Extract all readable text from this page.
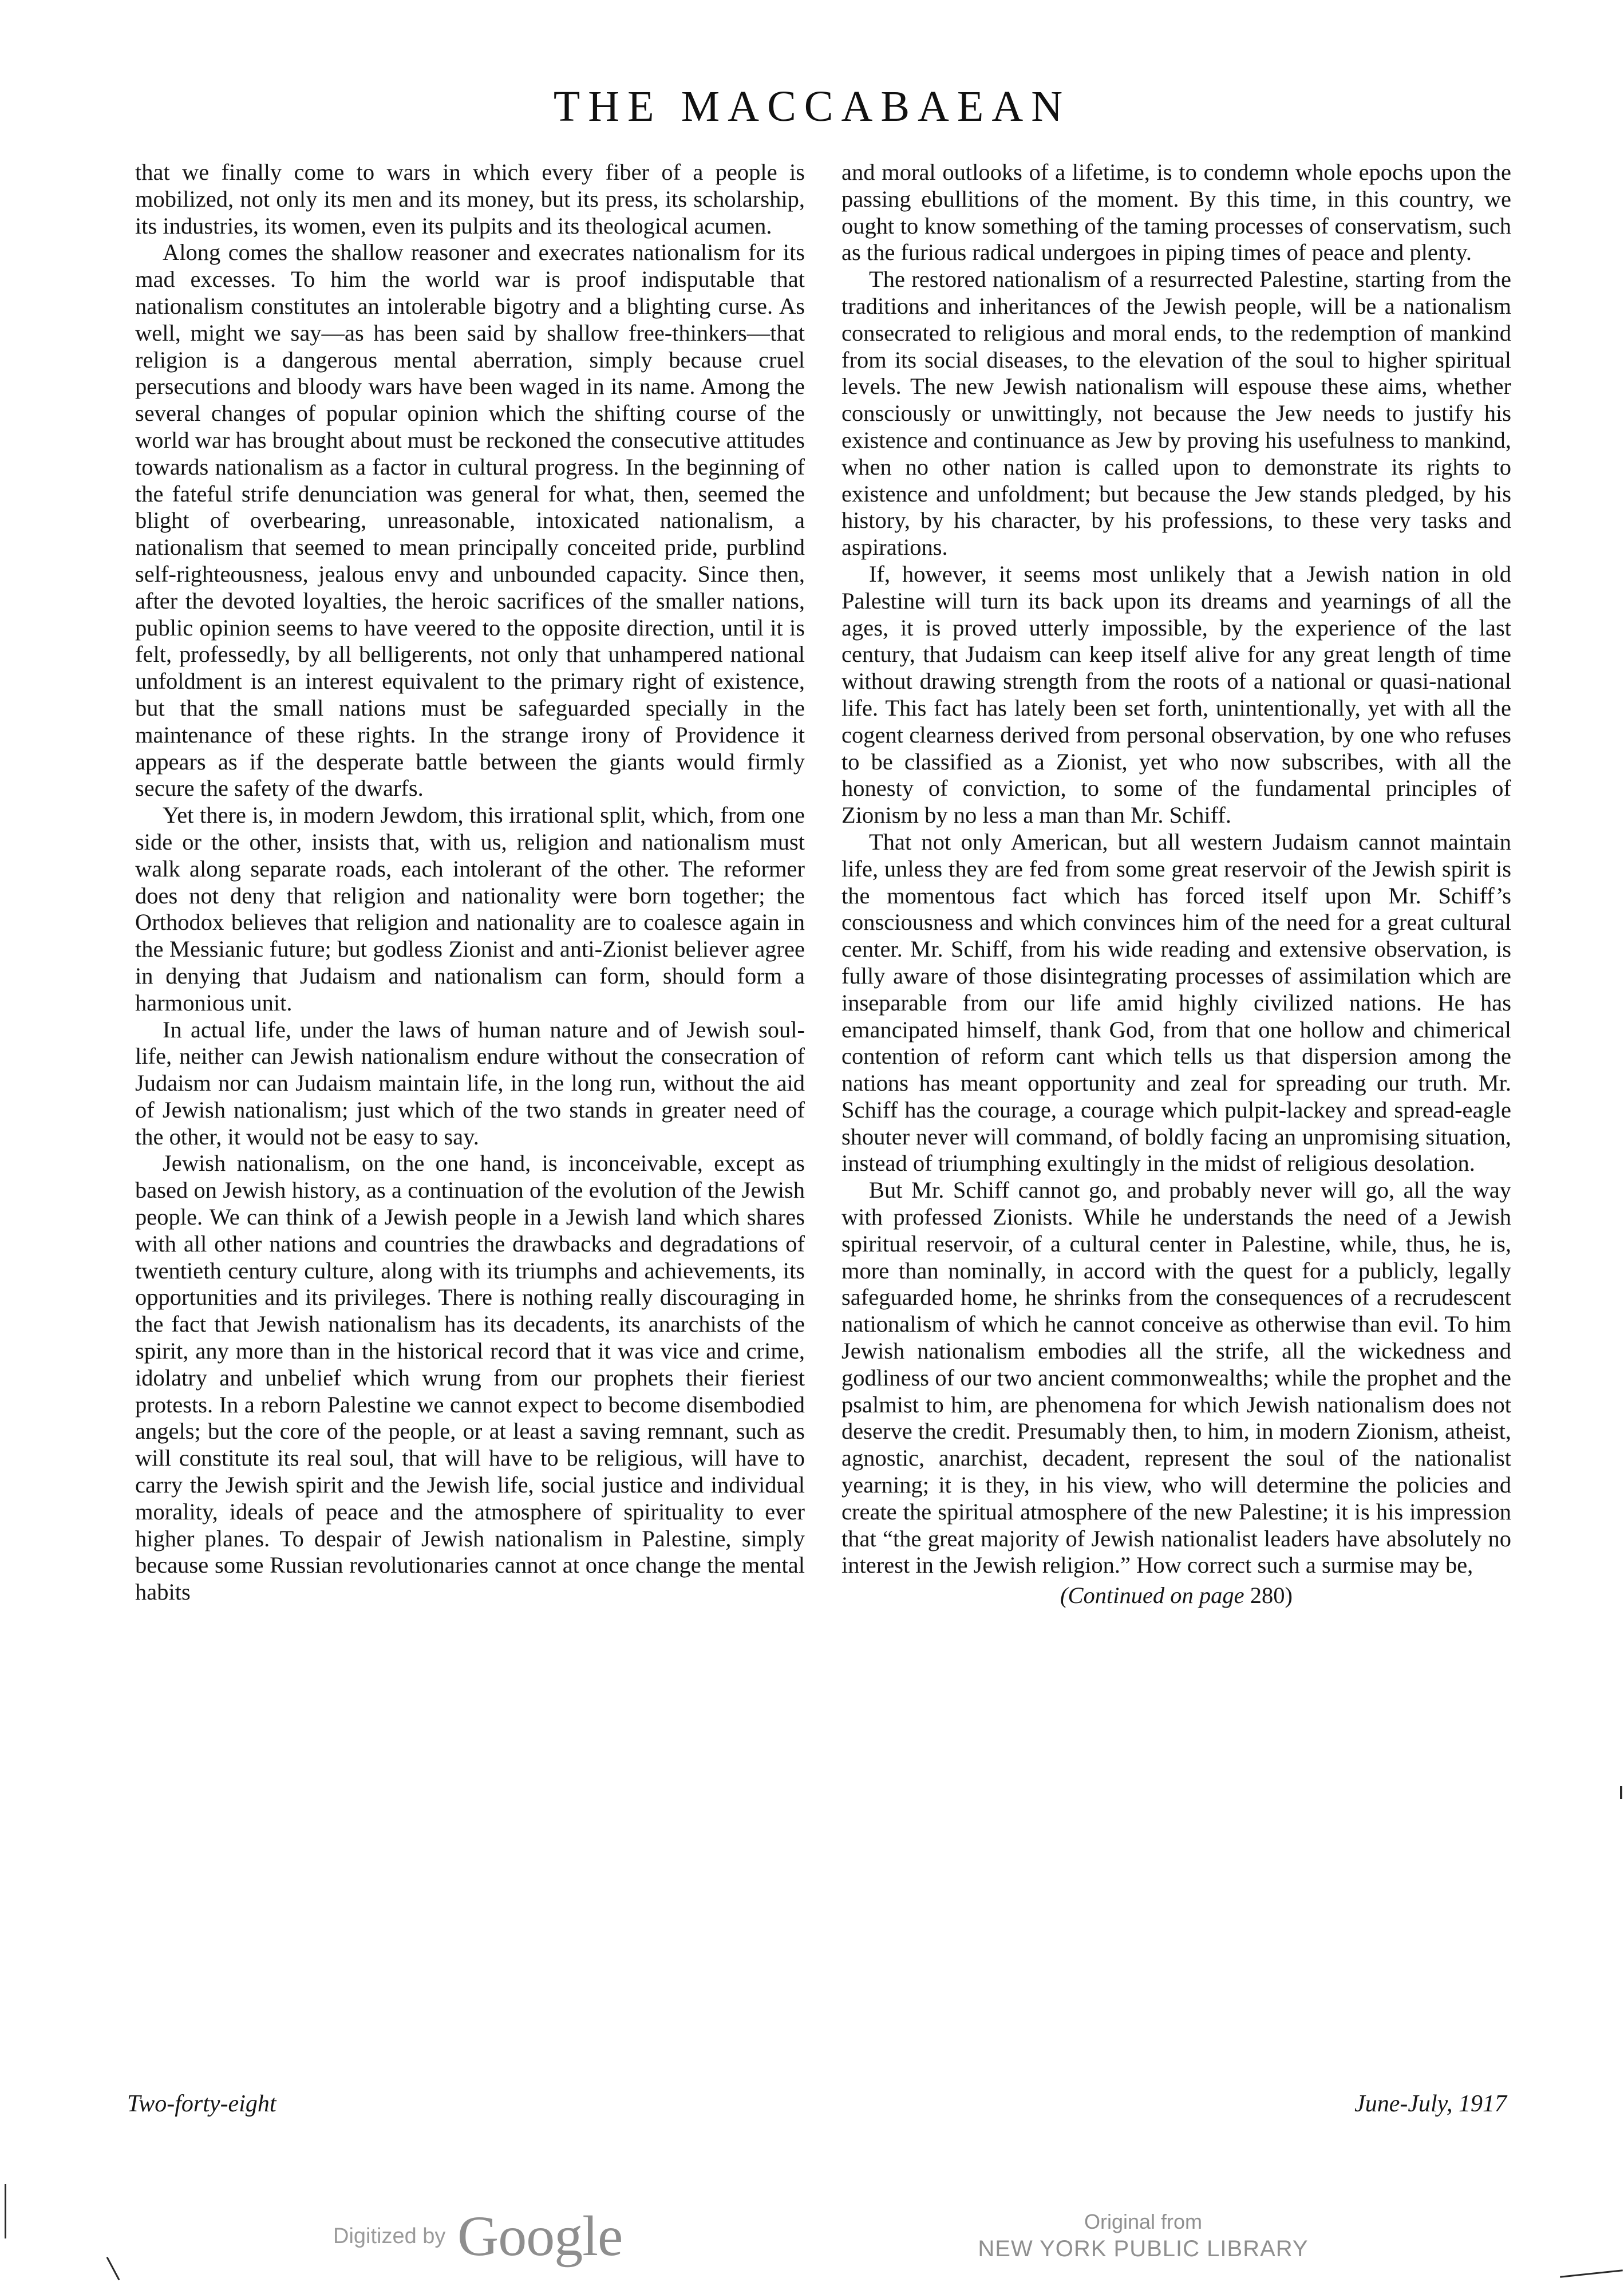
THE MACCABAEAN

that we finally come to wars in which every fiber of a people is mobilized, not only its men and its money, but its press, its scholarship, its industries, its women, even its pulpits and its theological acumen.

Along comes the shallow reasoner and execrates nationalism for its mad excesses. To him the world war is proof indisputable that nationalism constitutes an intolerable bigotry and a blighting curse. As well, might we say—as has been said by shallow free-thinkers—that religion is a dangerous mental aberration, simply because cruel persecutions and bloody wars have been waged in its name. Among the several changes of popular opinion which the shifting course of the world war has brought about must be reckoned the consecutive attitudes towards nationalism as a factor in cultural progress. In the beginning of the fateful strife denunciation was general for what, then, seemed the blight of overbearing, unreasonable, intoxicated nationalism, a nationalism that seemed to mean principally conceited pride, purblind self-righteousness, jealous envy and unbounded capacity. Since then, after the devoted loyalties, the heroic sacrifices of the smaller nations, public opinion seems to have veered to the opposite direction, until it is felt, professedly, by all belligerents, not only that unhampered national unfoldment is an interest equivalent to the primary right of existence, but that the small nations must be safeguarded specially in the maintenance of these rights. In the strange irony of Providence it appears as if the desperate battle between the giants would firmly secure the safety of the dwarfs.

Yet there is, in modern Jewdom, this irrational split, which, from one side or the other, insists that, with us, religion and nationalism must walk along separate roads, each intolerant of the other. The reformer does not deny that religion and nationality were born together; the Orthodox believes that religion and nationality are to coalesce again in the Messianic future; but godless Zionist and anti-Zionist believer agree in denying that Judaism and nationalism can form, should form a harmonious unit.

In actual life, under the laws of human nature and of Jewish soul-life, neither can Jewish nationalism endure without the consecration of Judaism nor can Judaism maintain life, in the long run, without the aid of Jewish nationalism; just which of the two stands in greater need of the other, it would not be easy to say.

Jewish nationalism, on the one hand, is inconceivable, except as based on Jewish history, as a continuation of the evolution of the Jewish people. We can think of a Jewish people in a Jewish land which shares with all other nations and countries the drawbacks and degradations of twentieth century culture, along with its triumphs and achievements, its opportunities and its privileges. There is nothing really discouraging in the fact that Jewish nationalism has its decadents, its anarchists of the spirit, any more than in the historical record that it was vice and crime, idolatry and unbelief which wrung from our prophets their fieriest protests. In a reborn Palestine we cannot expect to become disembodied angels; but the core of the people, or at least a saving remnant, such as will constitute its real soul, that will have to be religious, will have to carry the Jewish spirit and the Jewish life, social justice and individual morality, ideals of peace and the atmosphere of spirituality to ever higher planes. To despair of Jewish nationalism in Palestine, simply because some Russian revolutionaries cannot at once change the mental habits

and moral outlooks of a lifetime, is to condemn whole epochs upon the passing ebullitions of the moment. By this time, in this country, we ought to know something of the taming processes of conservatism, such as the furious radical undergoes in piping times of peace and plenty.

The restored nationalism of a resurrected Palestine, starting from the traditions and inheritances of the Jewish people, will be a nationalism consecrated to religious and moral ends, to the redemption of mankind from its social diseases, to the elevation of the soul to higher spiritual levels. The new Jewish nationalism will espouse these aims, whether consciously or unwittingly, not because the Jew needs to justify his existence and continuance as Jew by proving his usefulness to mankind, when no other nation is called upon to demonstrate its rights to existence and unfoldment; but because the Jew stands pledged, by his history, by his character, by his professions, to these very tasks and aspirations.

If, however, it seems most unlikely that a Jewish nation in old Palestine will turn its back upon its dreams and yearnings of all the ages, it is proved utterly impossible, by the experience of the last century, that Judaism can keep itself alive for any great length of time without drawing strength from the roots of a national or quasi-national life. This fact has lately been set forth, unintentionally, yet with all the cogent clearness derived from personal observation, by one who refuses to be classified as a Zionist, yet who now subscribes, with all the honesty of conviction, to some of the fundamental principles of Zionism by no less a man than Mr. Schiff.

That not only American, but all western Judaism cannot maintain life, unless they are fed from some great reservoir of the Jewish spirit is the momentous fact which has forced itself upon Mr. Schiff’s consciousness and which convinces him of the need for a great cultural center. Mr. Schiff, from his wide reading and extensive observation, is fully aware of those disintegrating processes of assimilation which are inseparable from our life amid highly civilized nations. He has emancipated himself, thank God, from that one hollow and chimerical contention of reform cant which tells us that dispersion among the nations has meant opportunity and zeal for spreading our truth. Mr. Schiff has the courage, a courage which pulpit-lackey and spread-eagle shouter never will command, of boldly facing an unpromising situation, instead of triumphing exultingly in the midst of religious desolation.

But Mr. Schiff cannot go, and probably never will go, all the way with professed Zionists. While he understands the need of a Jewish spiritual reservoir, of a cultural center in Palestine, while, thus, he is, more than nominally, in accord with the quest for a publicly, legally safeguarded home, he shrinks from the consequences of a recrudescent nationalism of which he cannot conceive as otherwise than evil. To him Jewish nationalism embodies all the strife, all the wickedness and godliness of our two ancient commonwealths; while the prophet and the psalmist to him, are phenomena for which Jewish nationalism does not deserve the credit. Presumably then, to him, in modern Zionism, atheist, agnostic, anarchist, decadent, represent the soul of the nationalist yearning; it is they, in his view, who will determine the policies and create the spiritual atmosphere of the new Palestine; it is his impression that “the great majority of Jewish nationalist leaders have absolutely no interest in the Jewish religion.” How correct such a surmise may be,

(Continued on page 280)
Two-forty-eight	June-July, 1917
Digitized by Google	Original from
NEW YORK PUBLIC LIBRARY
